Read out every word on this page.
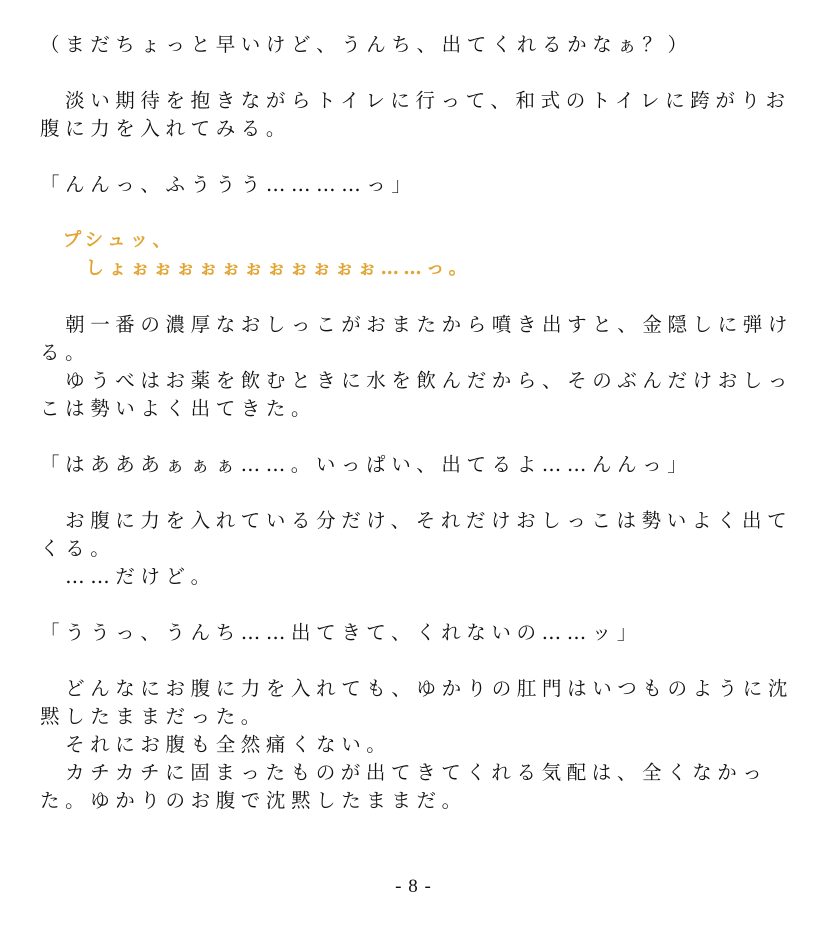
（まだちょっと早いけど、うんち、出てくれるかなぁ？）
　淡い期待を抱きながらトイレに行って、和式のトイレに跨がりお
腹に力を入れてみる。
「んんっ、ふううう…………っ」
　プシュッ、
　　しょぉぉぉぉぉぉぉぉぉぉぉ……っ。
　朝一番の濃厚なおしっこがおまたから噴き出すと、金隠しに弾け
る。
　ゆうべはお薬を飲むときに水を飲んだから、そのぶんだけおしっ
こは勢いよく出てきた。
「はあああぁぁぁ……。いっぱい、出てるよ……んんっ」
　お腹に力を入れている分だけ、それだけおしっこは勢いよく出て
くる。
　……だけど。
「ううっ、うんち……出てきて、くれないの……ッ」
　どんなにお腹に力を入れても、ゆかりの肛門はいつものように沈
黙したままだった。
　それにお腹も全然痛くない。
　カチカチに固まったものが出てきてくれる気配は、全くなかっ
た。ゆかりのお腹で沈黙したままだ。
- 8 -
